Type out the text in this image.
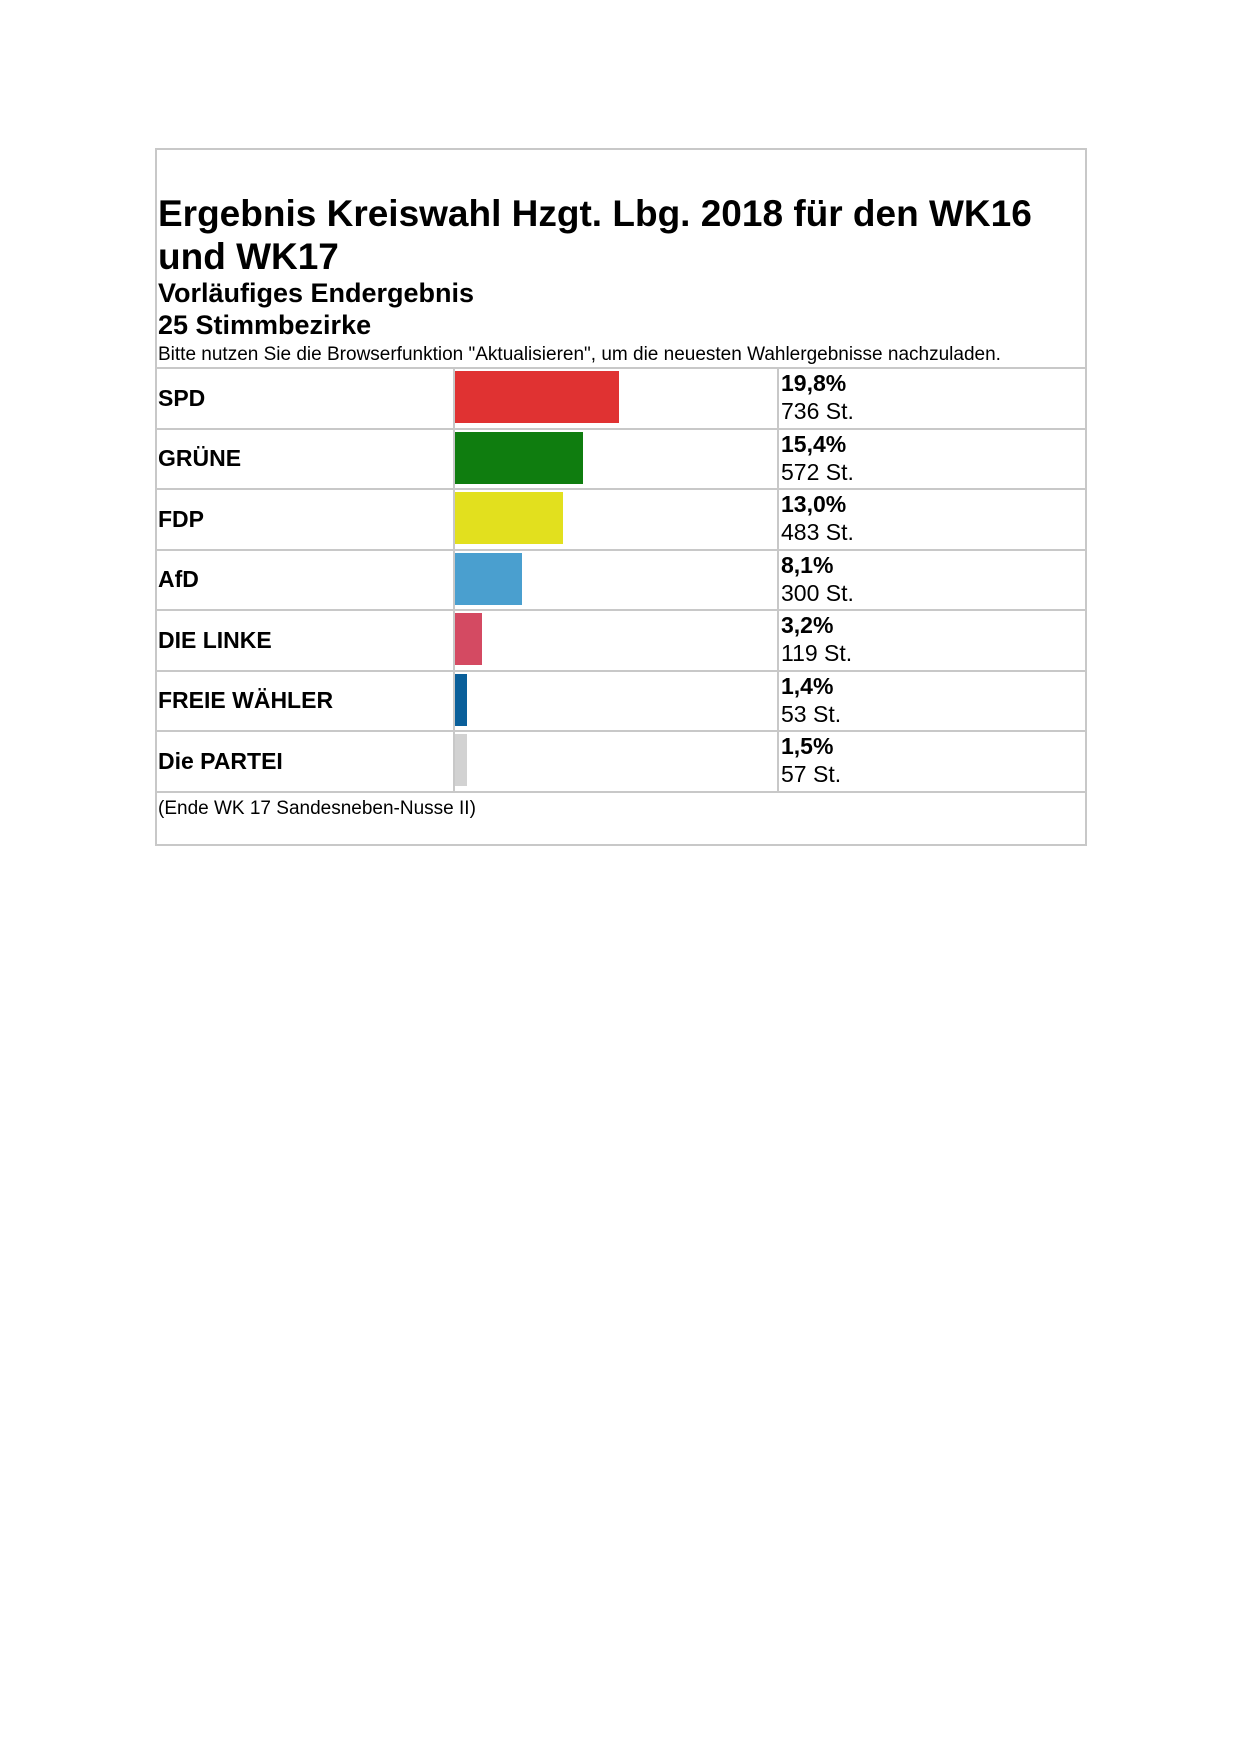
Ergebnis Kreiswahl Hzgt. Lbg. 2018 für den WK16 und WK17
Vorläufiges Endergebnis
25 Stimmbezirke

Bitte nutzen Sie die Browserfunktion "Aktualisieren", um die neuesten Wahlergebnisse nachzuladen.

SPD
19,8%
736 St.
GRÜNE
15,4%
572 St.
FDP
13,0%
483 St.
AfD
8,1%
300 St.
DIE LINKE
3,2%
119 St.
FREIE WÄHLER
1,4%
53 St.
Die PARTEI
1,5%
57 St.
(Ende WK 17 Sandesneben-Nusse II)
